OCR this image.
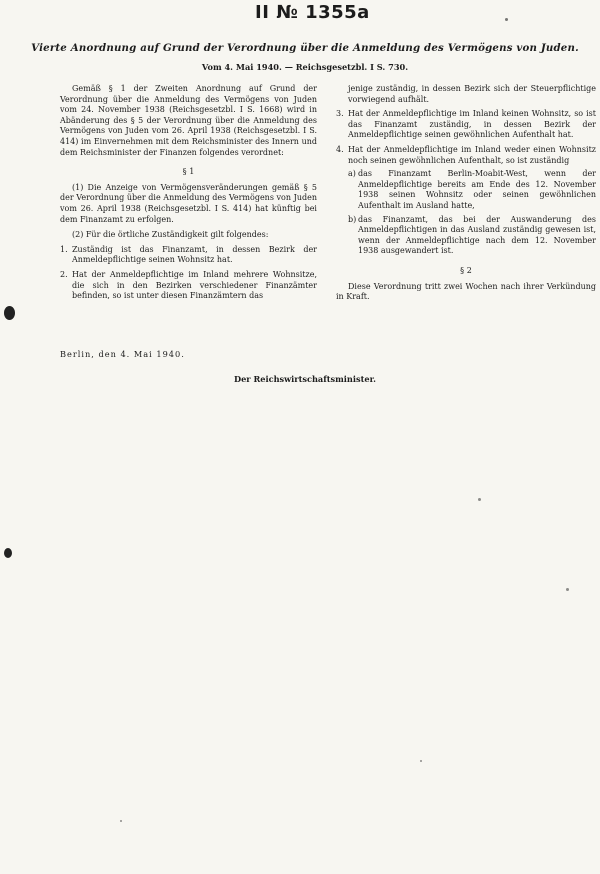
II № 1355a
Vierte Anordnung auf Grund der Verordnung über die Anmeldung des Vermögens von Juden.
Vom 4. Mai 1940. — Reichsgesetzbl. I S. 730.

Gemäß § 1 der Zweiten Anordnung auf Grund der Verordnung über die Anmeldung des Vermögens von Juden vom 24. November 1938 (Reichsgesetzbl. I S. 1668) wird in Abänderung des § 5 der Verordnung über die Anmeldung des Vermögens von Juden vom 26. April 1938 (Reichsgesetzbl. I S. 414) im Einvernehmen mit dem Reichsminister des Innern und dem Reichsminister der Finanzen folgendes verordnet:

§ 1

(1) Die Anzeige von Vermögensveränderungen gemäß § 5 der Verordnung über die Anmeldung des Vermögens von Juden vom 26. April 1938 (Reichsgesetzbl. I S. 414) hat künftig bei dem Finanzamt zu erfolgen.

(2) Für die örtliche Zuständigkeit gilt folgendes:

1. Zuständig ist das Finanzamt, in dessen Bezirk der Anmeldepflichtige seinen Wohnsitz hat.
2. Hat der Anmeldepflichtige im Inland mehrere Wohnsitze, die sich in den Bezirken verschiedener Finanzämter befinden, so ist unter diesen Finanzämtern das
jenige zuständig, in dessen Bezirk sich der Steuerpflichtige vorwiegend aufhält.
3. Hat der Anmeldepflichtige im Inland keinen Wohnsitz, so ist das Finanzamt zuständig, in dessen Bezirk der Anmeldepflichtige seinen gewöhnlichen Aufenthalt hat.
4. Hat der Anmeldepflichtige im Inland weder einen Wohnsitz noch seinen gewöhnlichen Aufenthalt, so ist zuständig
a) das Finanzamt Berlin-Moabit-West, wenn der Anmeldepflichtige bereits am Ende des 12. November 1938 seinen Wohnsitz oder seinen gewöhnlichen Aufenthalt im Ausland hatte,
b) das Finanzamt, das bei der Auswanderung des Anmeldepflichtigen in das Ausland zuständig gewesen ist, wenn der Anmeldepflichtige nach dem 12. November 1938 ausgewandert ist.

§ 2

Diese Verordnung tritt zwei Wochen nach ihrer Verkündung in Kraft.

Berlin, den 4. Mai 1940.
Der Reichswirtschaftsminister.
